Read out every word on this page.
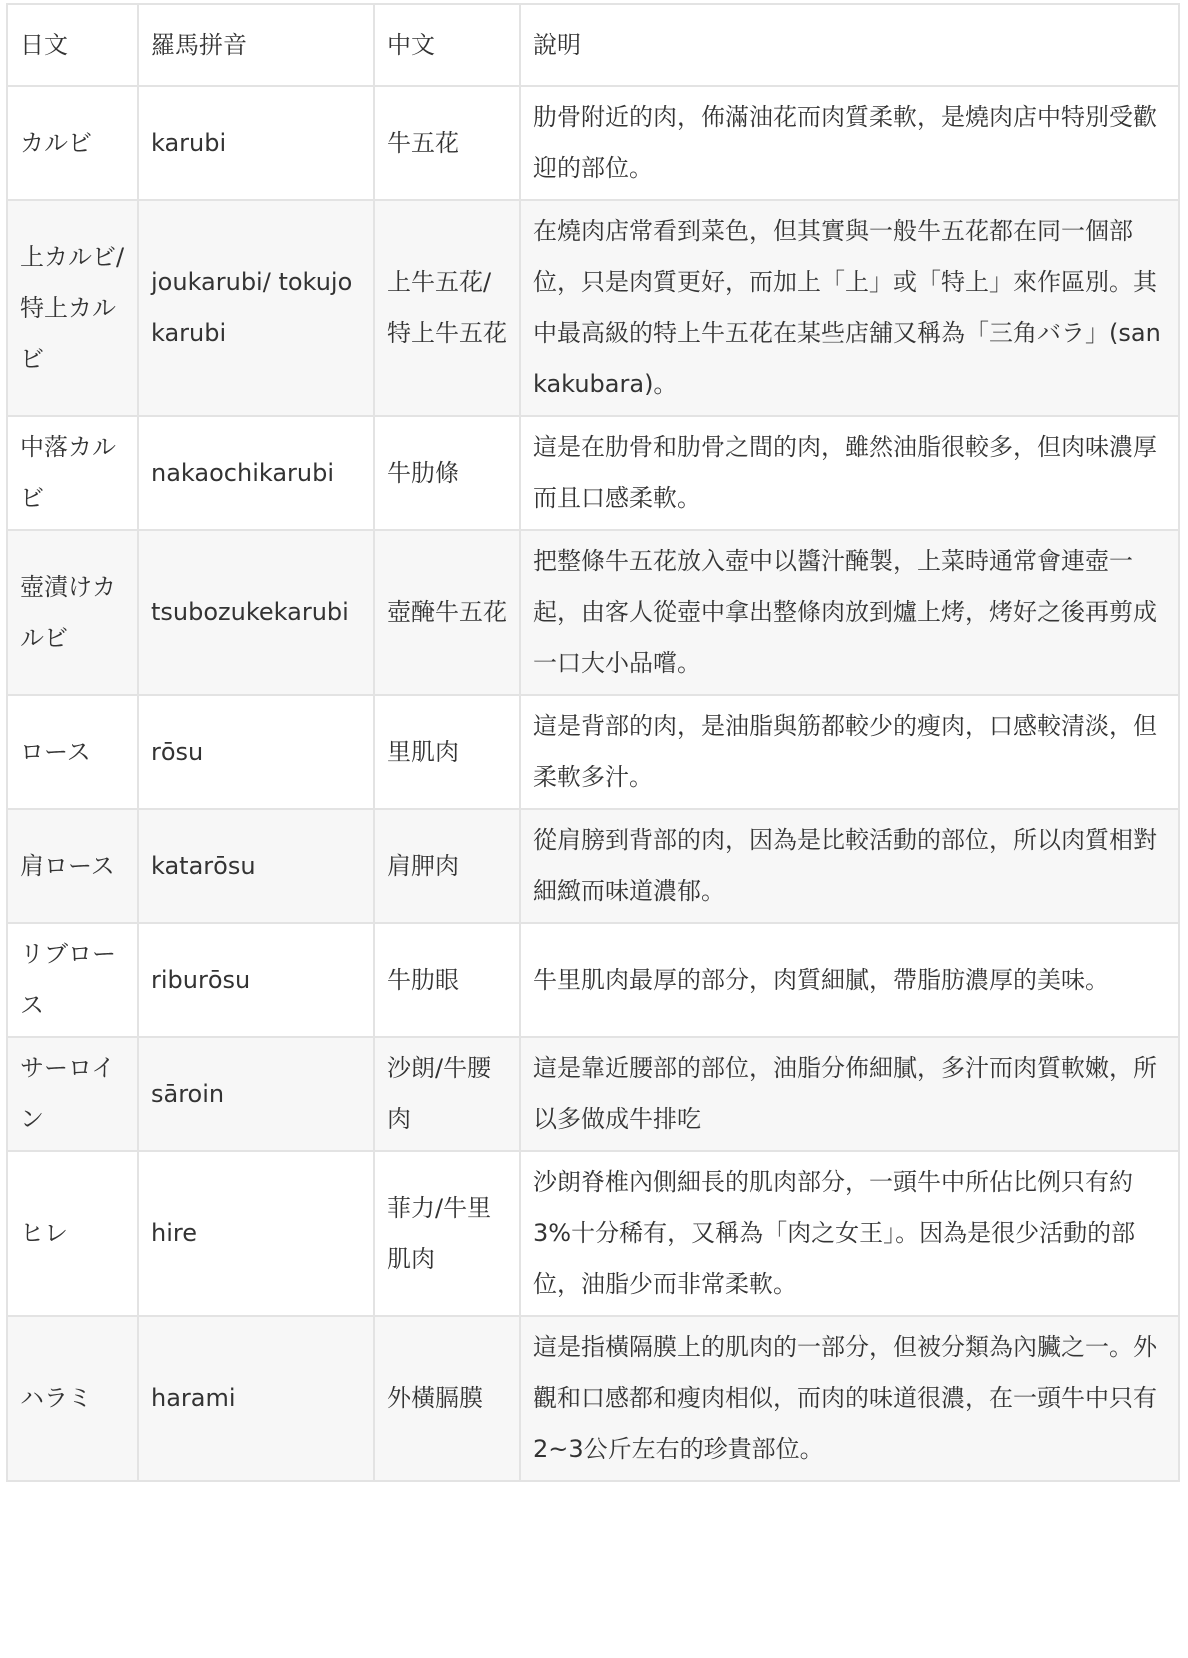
日文	羅馬拼音	中文	說明
カルビ	karubi	牛五花	肋骨附近的肉，佈滿油花而肉質柔軟，是燒肉店中特別受歡迎的部位。
上カルビ/特上カルビ	joukarubi/ tokujo karubi	上牛五花/特上牛五花	在燒肉店常看到菜色，但其實與一般牛五花都在同一個部位，只是肉質更好，而加上「上」或「特上」來作區別。其中最高級的特上牛五花在某些店舖又稱為「三角バラ」(sankakubara)。
中落カルビ	nakaochikarubi	牛肋條	這是在肋骨和肋骨之間的肉，雖然油脂很較多，但肉味濃厚而且口感柔軟。
壺漬けカルビ	tsubozukekarubi	壺醃牛五花	把整條牛五花放入壺中以醬汁醃製，上菜時通常會連壺一起，由客人從壺中拿出整條肉放到爐上烤，烤好之後再剪成一口大小品嚐。
ロース	rōsu	里肌肉	這是背部的肉，是油脂與筋都較少的瘦肉，口感較清淡，但柔軟多汁。
肩ロース	katarōsu	肩胛肉	從肩膀到背部的肉，因為是比較活動的部位，所以肉質相對細緻而味道濃郁。
リブロース	riburōsu	牛肋眼	牛里肌肉最厚的部分，肉質細膩，帶脂肪濃厚的美味。
サーロイン	sāroin	沙朗/牛腰肉	這是靠近腰部的部位，油脂分佈細膩，多汁而肉質軟嫩，所以多做成牛排吃
ヒレ	hire	菲力/牛里肌肉	沙朗脊椎內側細長的肌肉部分，一頭牛中所佔比例只有約3%十分稀有，又稱為「肉之女王」。因為是很少活動的部位，油脂少而非常柔軟。
ハラミ	harami	外橫膈膜	這是指橫隔膜上的肌肉的一部分，但被分類為內臟之一。外觀和口感都和瘦肉相似，而肉的味道很濃，在一頭牛中只有2~3公斤左右的珍貴部位。
